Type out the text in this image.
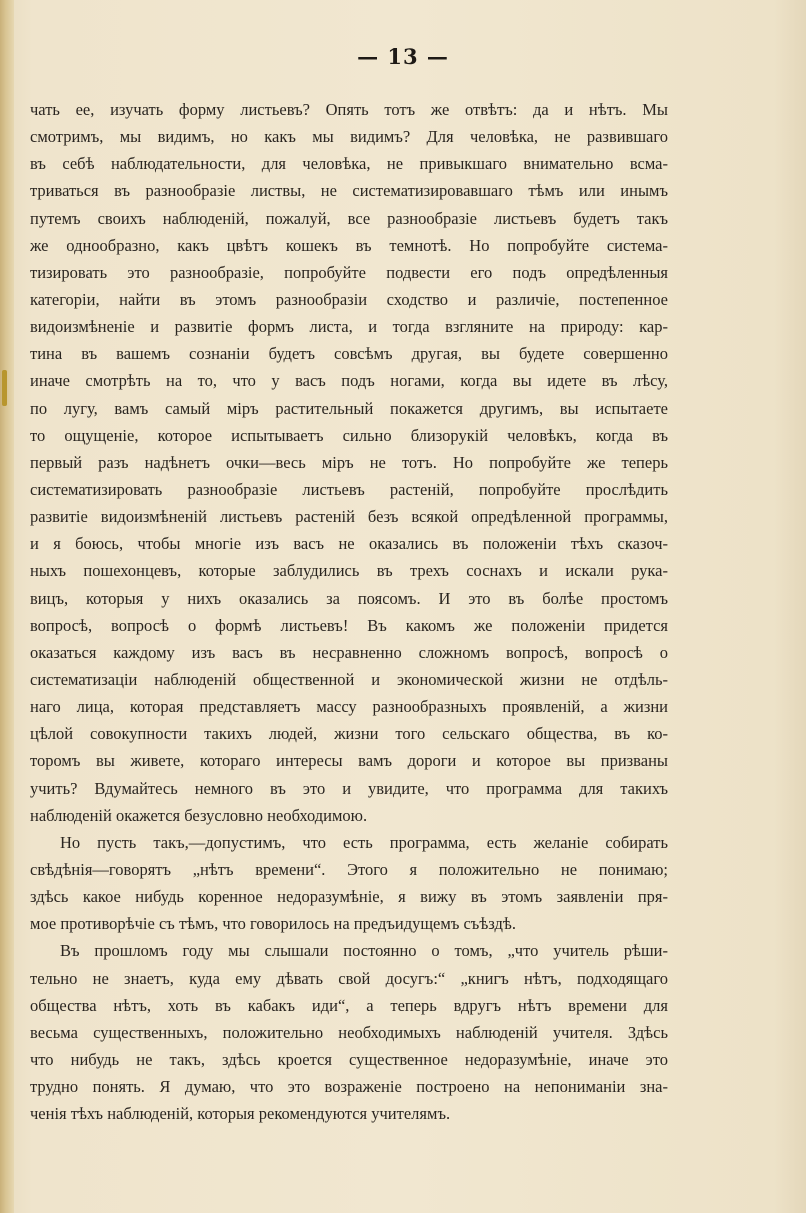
— 13 —
чать ее, изучать форму листьевъ? Опять тотъ же отвѣтъ: да и нѣтъ. Мы
смотримъ, мы видимъ, но какъ мы видимъ? Для человѣка, не развившаго
въ себѣ наблюдательности, для человѣка, не привыкшаго внимательно всма-
триваться въ разнообразіе листвы, не систематизировавшаго тѣмъ или инымъ
путемъ своихъ наблюденій, пожалуй, все разнообразіе листьевъ будетъ такъ
же однообразно, какъ цвѣтъ кошекъ въ темнотѣ. Но попробуйте система-
тизировать это разнообразіе, попробуйте подвести его подъ опредѣленныя
категоріи, найти въ этомъ разнообразіи сходство и различіе, постепенное
видоизмѣненіе и развитіе формъ листа, и тогда взгляните на природу: кар-
тина въ вашемъ сознаніи будетъ совсѣмъ другая, вы будете совершенно
иначе смотрѣть на то, что у васъ подъ ногами, когда вы идете въ лѣсу,
по лугу, вамъ самый міръ растительный покажется другимъ, вы испытаете
то ощущеніе, которое испытываетъ сильно близорукій человѣкъ, когда въ
первый разъ надѣнетъ очки—весь міръ не тотъ. Но попробуйте же теперь
систематизировать разнообразіе листьевъ растеній, попробуйте прослѣдить
развитіе видоизмѣненій листьевъ растеній безъ всякой опредѣленной программы,
и я боюсь, чтобы многіе изъ васъ не оказались въ положеніи тѣхъ сказоч-
ныхъ пошехонцевъ, которые заблудились въ трехъ соснахъ и искали рука-
вицъ, которыя у нихъ оказались за поясомъ. И это въ болѣе простомъ
вопросѣ, вопросѣ о формѣ листьевъ! Въ какомъ же положеніи придется
оказаться каждому изъ васъ въ несравненно сложномъ вопросѣ, вопросѣ о
систематизаціи наблюденій общественной и экономической жизни не отдѣль-
наго лица, которая представляетъ массу разнообразныхъ проявленій, а жизни
цѣлой совокупности такихъ людей, жизни того сельскаго общества, въ ко-
торомъ вы живете, котораго интересы вамъ дороги и которое вы призваны
учить? Вдумайтесь немного въ это и увидите, что программа для такихъ
наблюденій окажется безусловно необходимою.
Но пусть такъ,—допустимъ, что есть программа, есть желаніе собирать
свѣдѣнія—говорятъ „нѣтъ времени“. Этого я положительно не понимаю;
здѣсь какое нибудь коренное недоразумѣніе, я вижу въ этомъ заявленіи пря-
мое противорѣчіе съ тѣмъ, что говорилось на предъидущемъ съѣздѣ.
Въ прошломъ году мы слышали постоянно о томъ, „что учитель рѣши-
тельно не знаетъ, куда ему дѣвать свой досугъ:“ „книгъ нѣтъ, подходящаго
общества нѣтъ, хоть въ кабакъ иди“, а теперь вдругъ нѣтъ времени для
весьма существенныхъ, положительно необходимыхъ наблюденій учителя. Здѣсь
что нибудь не такъ, здѣсь кроется существенное недоразумѣніе, иначе это
трудно понять. Я думаю, что это возраженіе построено на непониманіи зна-
ченія тѣхъ наблюденій, которыя рекомендуются учителямъ.
